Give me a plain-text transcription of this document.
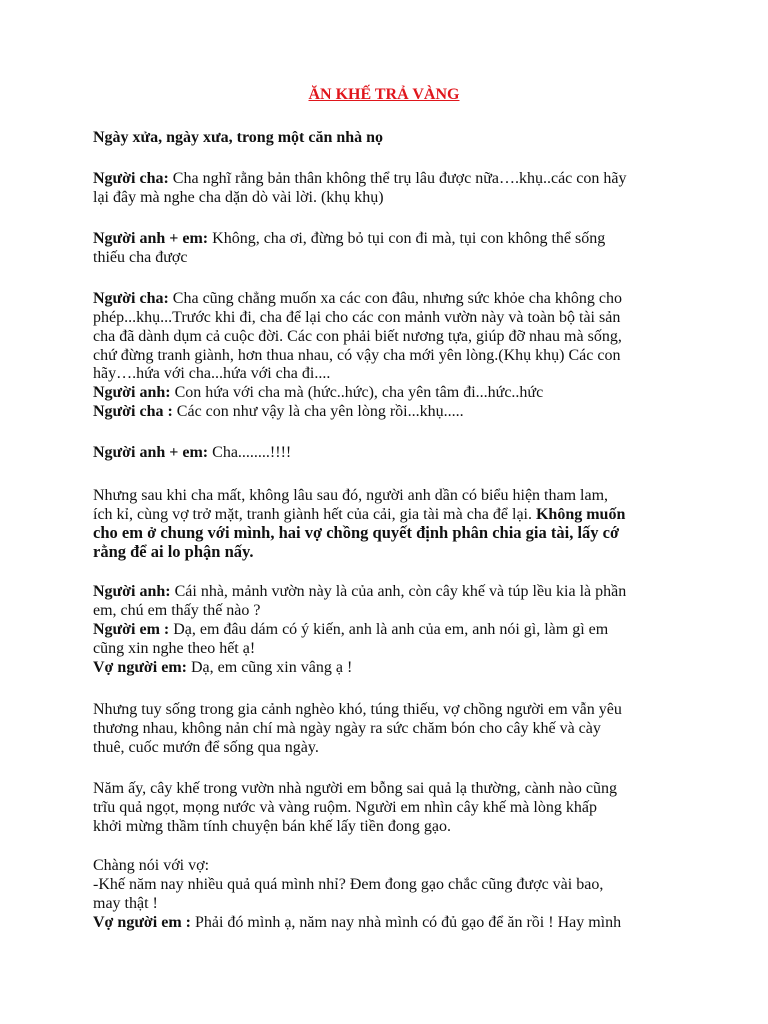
ĂN KHẾ TRẢ VÀNG
Ngày xửa, ngày xưa, trong một căn nhà nọ
Người cha: Cha nghĩ rằng bản thân không thể trụ lâu được nữa….khụ..các con hãy
lại đây mà nghe cha dặn dò vài lời. (khụ khụ)
Người anh + em: Không, cha ơi, đừng bỏ tụi con đi mà, tụi con không thể sống
thiếu cha được
Người cha: Cha cũng chẳng muốn xa các con đâu, nhưng sức khỏe cha không cho
phép...khụ...Trước khi đi, cha để lại cho các con mảnh vườn này và toàn bộ tài sản
cha đã dành dụm cả cuộc đời. Các con phải biết nương tựa, giúp đỡ nhau mà sống,
chứ đừng tranh giành, hơn thua nhau, có vậy cha mới yên lòng.(Khụ khụ) Các con
hãy….hứa với cha...hứa với cha đi....
Người anh: Con hứa với cha mà (hức..hức), cha yên tâm đi...hức..hức
Người cha : Các con như vậy là cha yên lòng rồi...khụ.....
Người anh + em: Cha........!!!!
Nhưng sau khi cha mất, không lâu sau đó, người anh dần có biểu hiện tham lam,
ích kỉ, cùng vợ trở mặt, tranh giành hết của cải, gia tài mà cha để lại. Không muốn
cho em ở chung với mình, hai vợ chồng quyết định phân chia gia tài, lấy cớ
rằng để ai lo phận nấy.
Người anh: Cái nhà, mảnh vườn này là của anh, còn cây khế và túp lều kia là phần
em, chú em thấy thế nào ?
Người em : Dạ, em đâu dám có ý kiến, anh là anh của em, anh nói gì, làm gì em
cũng xin nghe theo hết ạ!
Vợ người em: Dạ, em cũng xin vâng ạ !
Nhưng tuy sống trong gia cảnh nghèo khó, túng thiếu, vợ chồng người em vẫn yêu
thương nhau, không nản chí mà ngày ngày ra sức chăm bón cho cây khế và cày
thuê, cuốc mướn để sống qua ngày.
Năm ấy, cây khế trong vườn nhà người em bỗng sai quả lạ thường, cành nào cũng
trĩu quả ngọt, mọng nước và vàng ruộm. Người em nhìn cây khế mà lòng khấp
khởi mừng thầm tính chuyện bán khế lấy tiền đong gạo.
Chàng nói với vợ:
-Khế năm nay nhiều quả quá mình nhỉ? Đem đong gạo chắc cũng được vài bao,
may thật !
Vợ người em : Phải đó mình ạ, năm nay nhà mình có đủ gạo để ăn rồi ! Hay mình
